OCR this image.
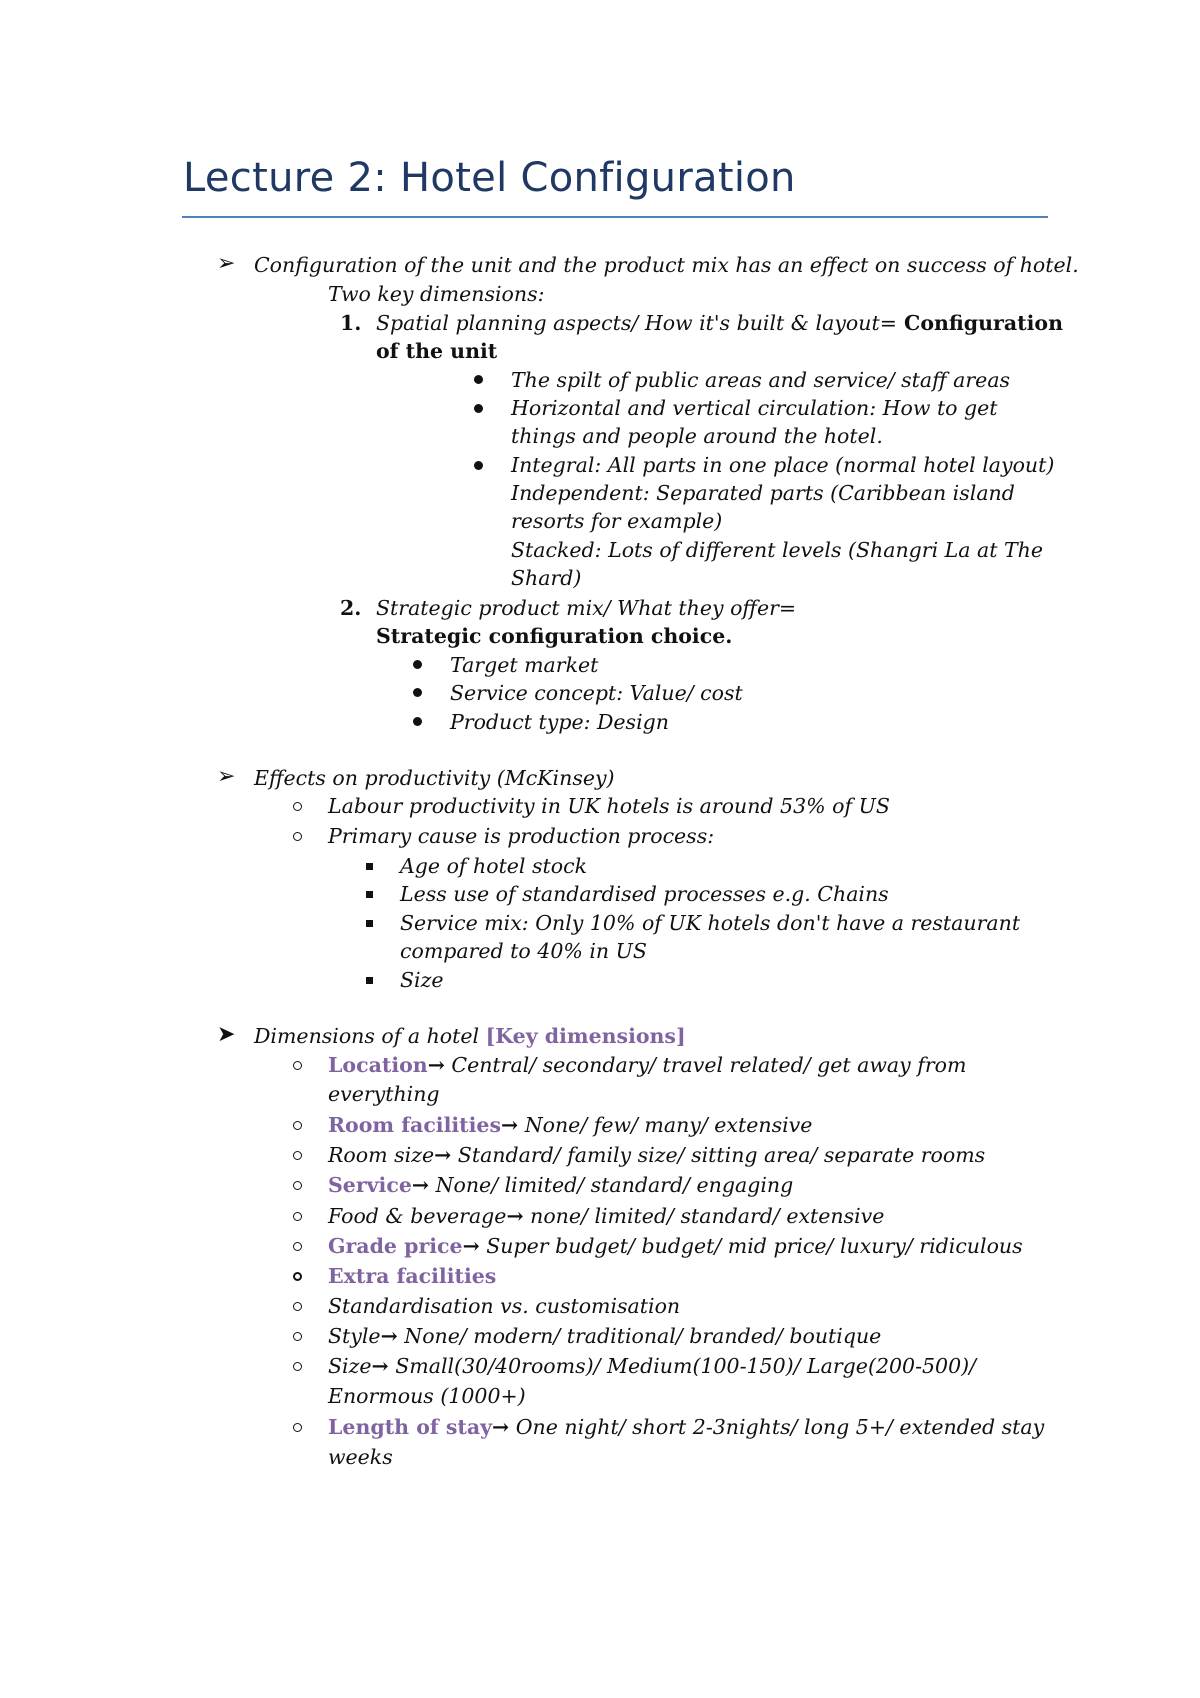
Lecture 2: Hotel Configuration
➢ Configuration of the unit and the product mix has an effect on success of hotel.

Two key dimensions:

1. Spatial planning aspects/ How it's built & layout= Configuration

of the unit

The spilt of public areas and service/ staff areas

Horizontal and vertical circulation: How to get

things and people around the hotel.

Integral: All parts in one place (normal hotel layout)

Independent: Separated parts (Caribbean island

resorts for example)

Stacked: Lots of different levels (Shangri La at The

Shard)

2. Strategic product mix/ What they offer=

Strategic configuration choice.

Target market

Service concept: Value/ cost

Product type: Design

➢ Effects on productivity (McKinsey)

Labour productivity in UK hotels is around 53% of US

Primary cause is production process:

Age of hotel stock

Less use of standardised processes e.g. Chains

Service mix: Only 10% of UK hotels don't have a restaurant

compared to 40% in US

Size

➤ Dimensions of a hotel [Key dimensions]

Location→ Central/ secondary/ travel related/ get away from

everything

Room facilities→ None/ few/ many/ extensive

Room size→ Standard/ family size/ sitting area/ separate rooms

Service→ None/ limited/ standard/ engaging

Food & beverage→ none/ limited/ standard/ extensive

Grade price→ Super budget/ budget/ mid price/ luxury/ ridiculous

Extra facilities

Standardisation vs. customisation

Style→ None/ modern/ traditional/ branded/ boutique

Size→ Small(30/40rooms)/ Medium(100-150)/ Large(200-500)/

Enormous (1000+)

Length of stay→ One night/ short 2-3nights/ long 5+/ extended stay

weeks
